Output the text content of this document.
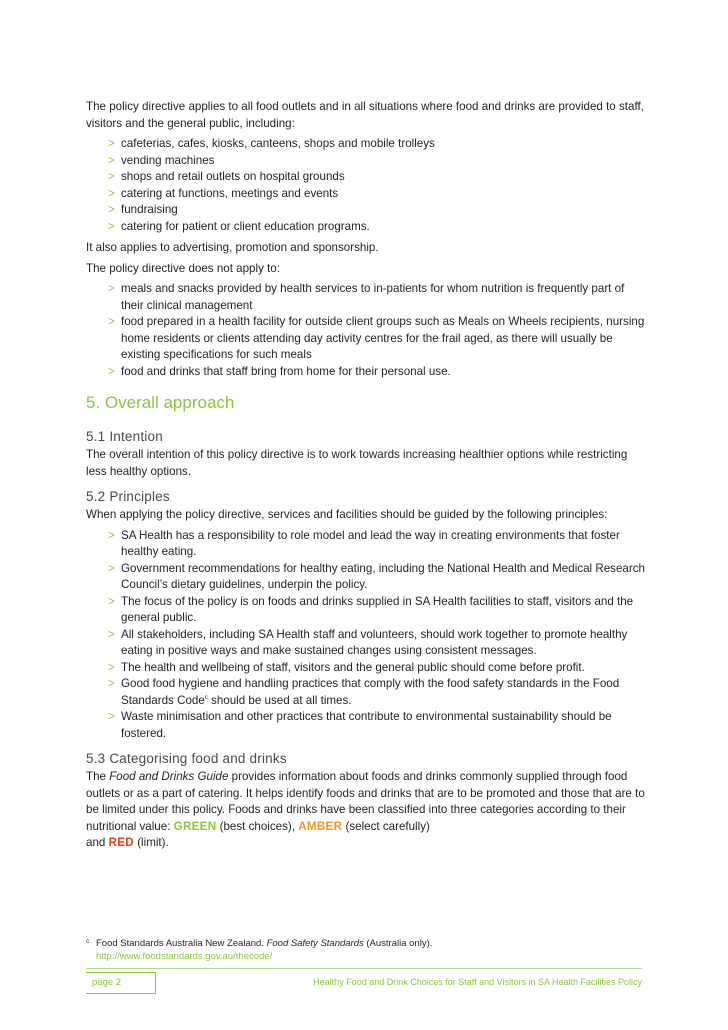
The policy directive applies to all food outlets and in all situations where food and drinks are provided to staff, visitors and the general public, including:

> cafeterias, cafes, kiosks, canteens, shops and mobile trolleys
> vending machines
> shops and retail outlets on hospital grounds
> catering at functions, meetings and events
> fundraising
> catering for patient or client education programs.

It also applies to advertising, promotion and sponsorship.

The policy directive does not apply to:

> meals and snacks provided by health services to in-patients for whom nutrition is frequently part of their clinical management
> food prepared in a health facility for outside client groups such as Meals on Wheels recipients, nursing home residents or clients attending day activity centres for the frail aged, as there will usually be existing specifications for such meals
> food and drinks that staff bring from home for their personal use.
5. Overall approach
5.1 Intention

The overall intention of this policy directive is to work towards increasing healthier options while restricting less healthy options.

5.2 Principles

When applying the policy directive, services and facilities should be guided by the following principles:

> SA Health has a responsibility to role model and lead the way in creating environments that foster healthy eating.
> Government recommendations for healthy eating, including the National Health and Medical Research Council’s dietary guidelines, underpin the policy.
> The focus of the policy is on foods and drinks supplied in SA Health facilities to staff, visitors and the general public.
> All stakeholders, including SA Health staff and volunteers, should work together to promote healthy eating in positive ways and make sustained changes using consistent messages.
> The health and wellbeing of staff, visitors and the general public should come before profit.
> Good food hygiene and handling practices that comply with the food safety standards in the Food Standards Code$^c$ should be used at all times.
> Waste minimisation and other practices that contribute to environmental sustainability should be fostered.
5.3 Categorising food and drinks

The Food and Drinks Guide provides information about foods and drinks commonly supplied through food outlets or as a part of catering. It helps identify foods and drinks that are to be promoted and those that are to be limited under this policy. Foods and drinks have been classified into three categories according to their nutritional value: GREEN (best choices), AMBER (select carefully)
and RED (limit).

c Food Standards Australia New Zealand. Food Safety Standards (Australia only).
http://www.foodstandards.gov.au/thecode/
page 2	Healthy Food and Drink Choices for Staff and Visitors in SA Health Facilities Policy
